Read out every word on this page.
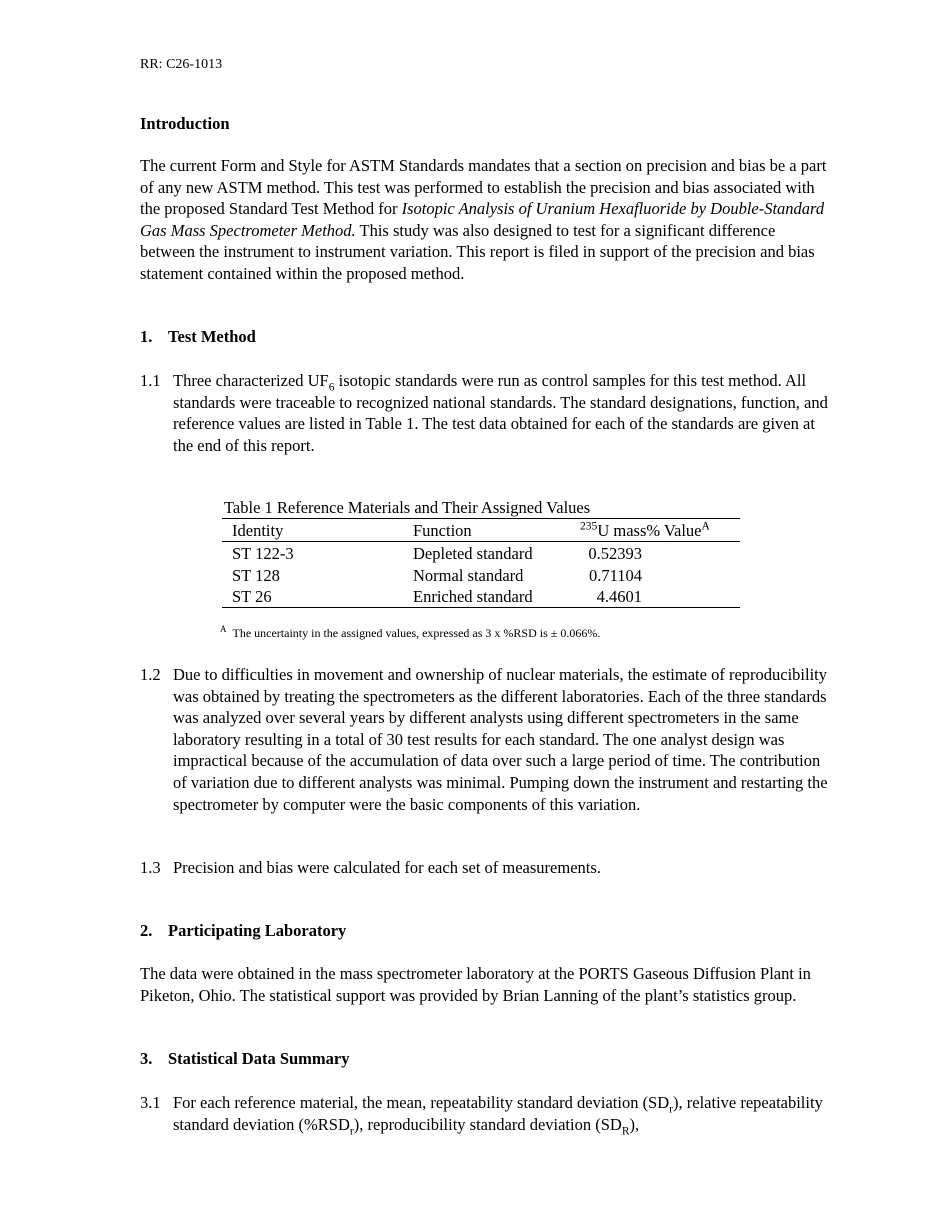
RR: C26-1013
Introduction
The current Form and Style for ASTM Standards mandates that a section on precision and bias be a part of any new ASTM method. This test was performed to establish the precision and bias associated with the proposed Standard Test Method for Isotopic Analysis of Uranium Hexafluoride by Double-Standard Gas Mass Spectrometer Method. This study was also designed to test for a significant difference between the instrument to instrument variation. This report is filed in support of the precision and bias statement contained within the proposed method.
1. Test Method
1.1 Three characterized $UF_6$ isotopic standards were run as control samples for this test method. All standards were traceable to recognized national standards. The standard designations, function, and reference values are listed in Table 1. The test data obtained for each of the standards are given at the end of this report.
Table 1 Reference Materials and Their Assigned Values
Identity	Function	$^{235}$U mass% Value$^A$
ST 122-3	Depleted standard	0.52393
ST 128	Normal standard	0.71104
ST 26	Enriched standard	4.4601
$^A$ The uncertainty in the assigned values, expressed as 3 x %RSD is ± 0.066%.
1.2 Due to difficulties in movement and ownership of nuclear materials, the estimate of reproducibility was obtained by treating the spectrometers as the different laboratories. Each of the three standards was analyzed over several years by different analysts using different spectrometers in the same laboratory resulting in a total of 30 test results for each standard. The one analyst design was impractical because of the accumulation of data over such a large period of time. The contribution of variation due to different analysts was minimal. Pumping down the instrument and restarting the spectrometer by computer were the basic components of this variation.
1.3 Precision and bias were calculated for each set of measurements.
2. Participating Laboratory
The data were obtained in the mass spectrometer laboratory at the PORTS Gaseous Diffusion Plant in Piketon, Ohio. The statistical support was provided by Brian Lanning of the plant’s statistics group.
3. Statistical Data Summary
3.1 For each reference material, the mean, repeatability standard deviation $(SD_r)$, relative repeatability standard deviation $(\%RSD_r)$, reproducibility standard deviation $(SD_R)$,
